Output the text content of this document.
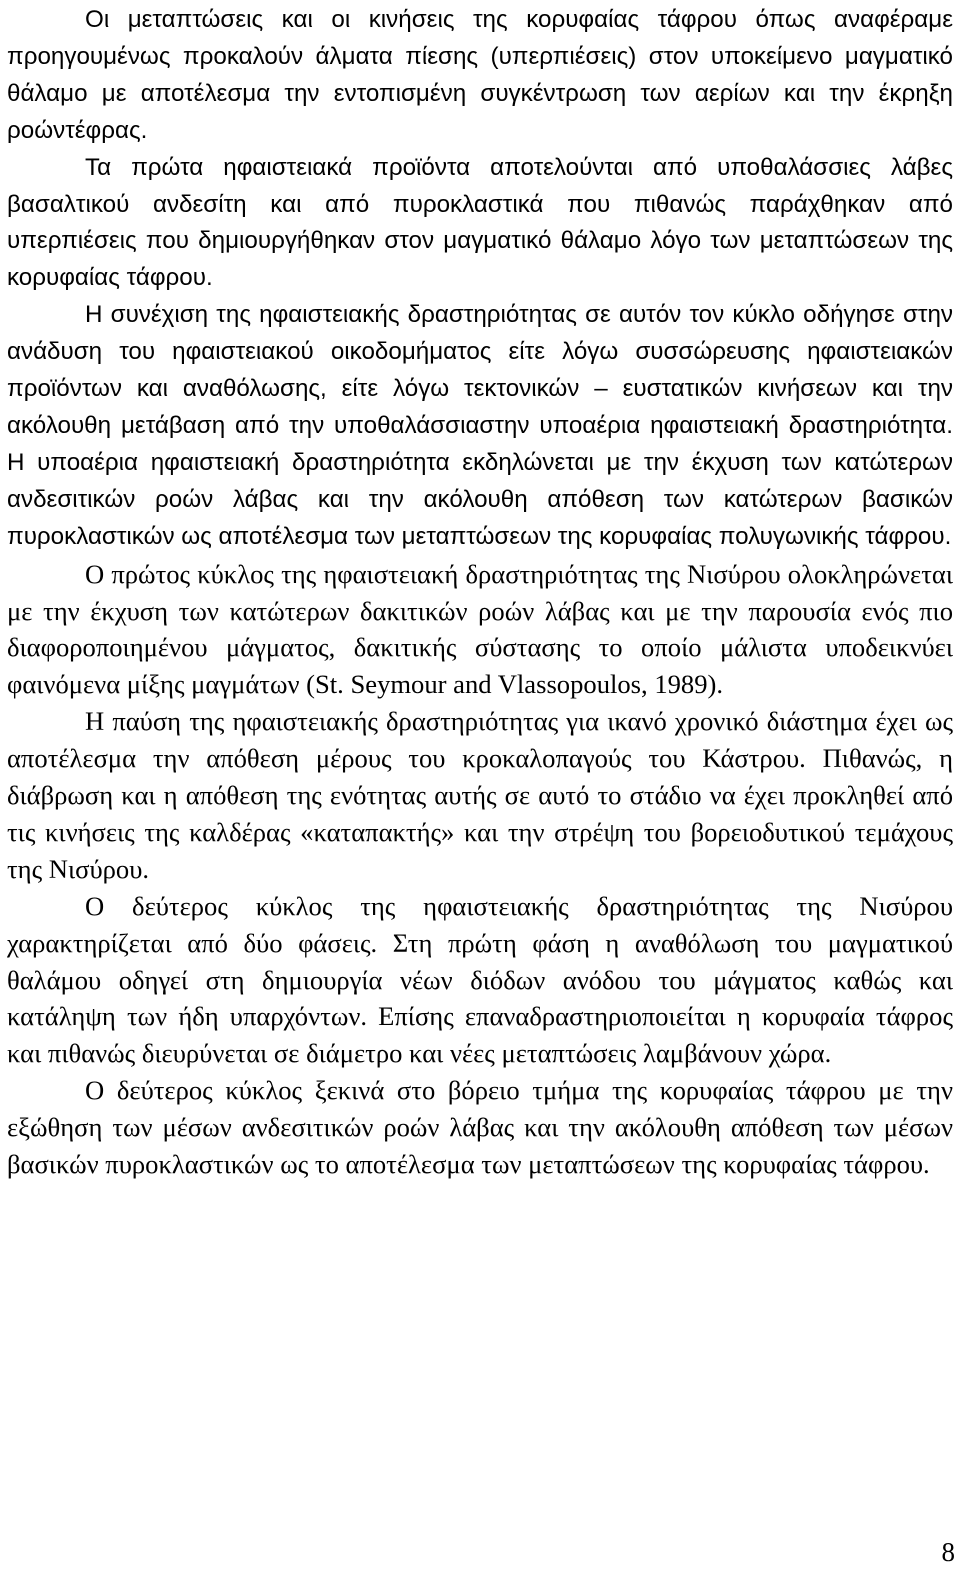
Οι μεταπτώσεις και οι κινήσεις της κορυφαίας τάφρου όπως αναφέραμε προηγουμένως προκαλούν άλματα πίεσης (υπερπιέσεις) στον υποκείμενο μαγματικό θάλαμο με αποτέλεσμα την εντοπισμένη συγκέντρωση των αερίων και την έκρηξη ροώντέφρας.

Τα πρώτα ηφαιστειακά προϊόντα αποτελούνται από υποθαλάσσιες λάβες βασαλτικού ανδεσίτη και από πυροκλαστικά που πιθανώς παράχθηκαν από υπερπιέσεις που δημιουργήθηκαν στον μαγματικό θάλαμο λόγο των μεταπτώσεων της κορυφαίας τάφρου.

Η συνέχιση της ηφαιστειακής δραστηριότητας σε αυτόν τον κύκλο οδήγησε στην ανάδυση του ηφαιστειακού οικοδομήματος είτε λόγω συσσώρευσης ηφαιστειακών προϊόντων και αναθόλωσης, είτε λόγω τεκτονικών – ευστατικών κινήσεων και την ακόλουθη μετάβαση από την υποθαλάσσιαστην υποαέρια ηφαιστειακή δραστηριότητα. Η υποαέρια ηφαιστειακή δραστηριότητα εκδηλώνεται με την έκχυση των κατώτερων ανδεσιτικών ροών λάβας και την ακόλουθη απόθεση των κατώτερων βασικών πυροκλαστικών ως αποτέλεσμα των μεταπτώσεων της κορυφαίας πολυγωνικής τάφρου.

Ο πρώτος κύκλος της ηφαιστειακή δραστηριότητας της Νισύρου ολοκληρώνεται με την έκχυση των κατώτερων δακιτικών ροών λάβας και με την παρουσία ενός πιο διαφοροποιημένου μάγματος, δακιτικής σύστασης το οποίο μάλιστα υποδεικνύει φαινόμενα μίξης μαγμάτων (St. Seymour and Vlassopoulos, 1989).

Η παύση της ηφαιστειακής δραστηριότητας για ικανό χρονικό διάστημα έχει ως αποτέλεσμα την απόθεση μέρους του κροκαλοπαγούς του Κάστρου. Πιθανώς, η διάβρωση και η απόθεση της ενότητας αυτής σε αυτό το στάδιο να έχει προκληθεί από τις κινήσεις της καλδέρας «καταπακτής» και την στρέψη του βορειοδυτικού τεμάχους της Νισύρου.

Ο δεύτερος κύκλος της ηφαιστειακής δραστηριότητας της Νισύρου χαρακτηρίζεται από δύο φάσεις. Στη πρώτη φάση η αναθόλωση του μαγματικού θαλάμου οδηγεί στη δημιουργία νέων διόδων ανόδου του μάγματος καθώς και κατάληψη των ήδη υπαρχόντων. Επίσης επαναδραστηριοποιείται η κορυφαία τάφρος και πιθανώς διευρύνεται σε διάμετρο και νέες μεταπτώσεις λαμβάνουν χώρα.

Ο δεύτερος κύκλος ξεκινά στο βόρειο τμήμα της κορυφαίας τάφρου με την εξώθηση των μέσων ανδεσιτικών ροών λάβας και την ακόλουθη απόθεση των μέσων βασικών πυροκλαστικών ως το αποτέλεσμα των μεταπτώσεων της κορυφαίας τάφρου.

8
